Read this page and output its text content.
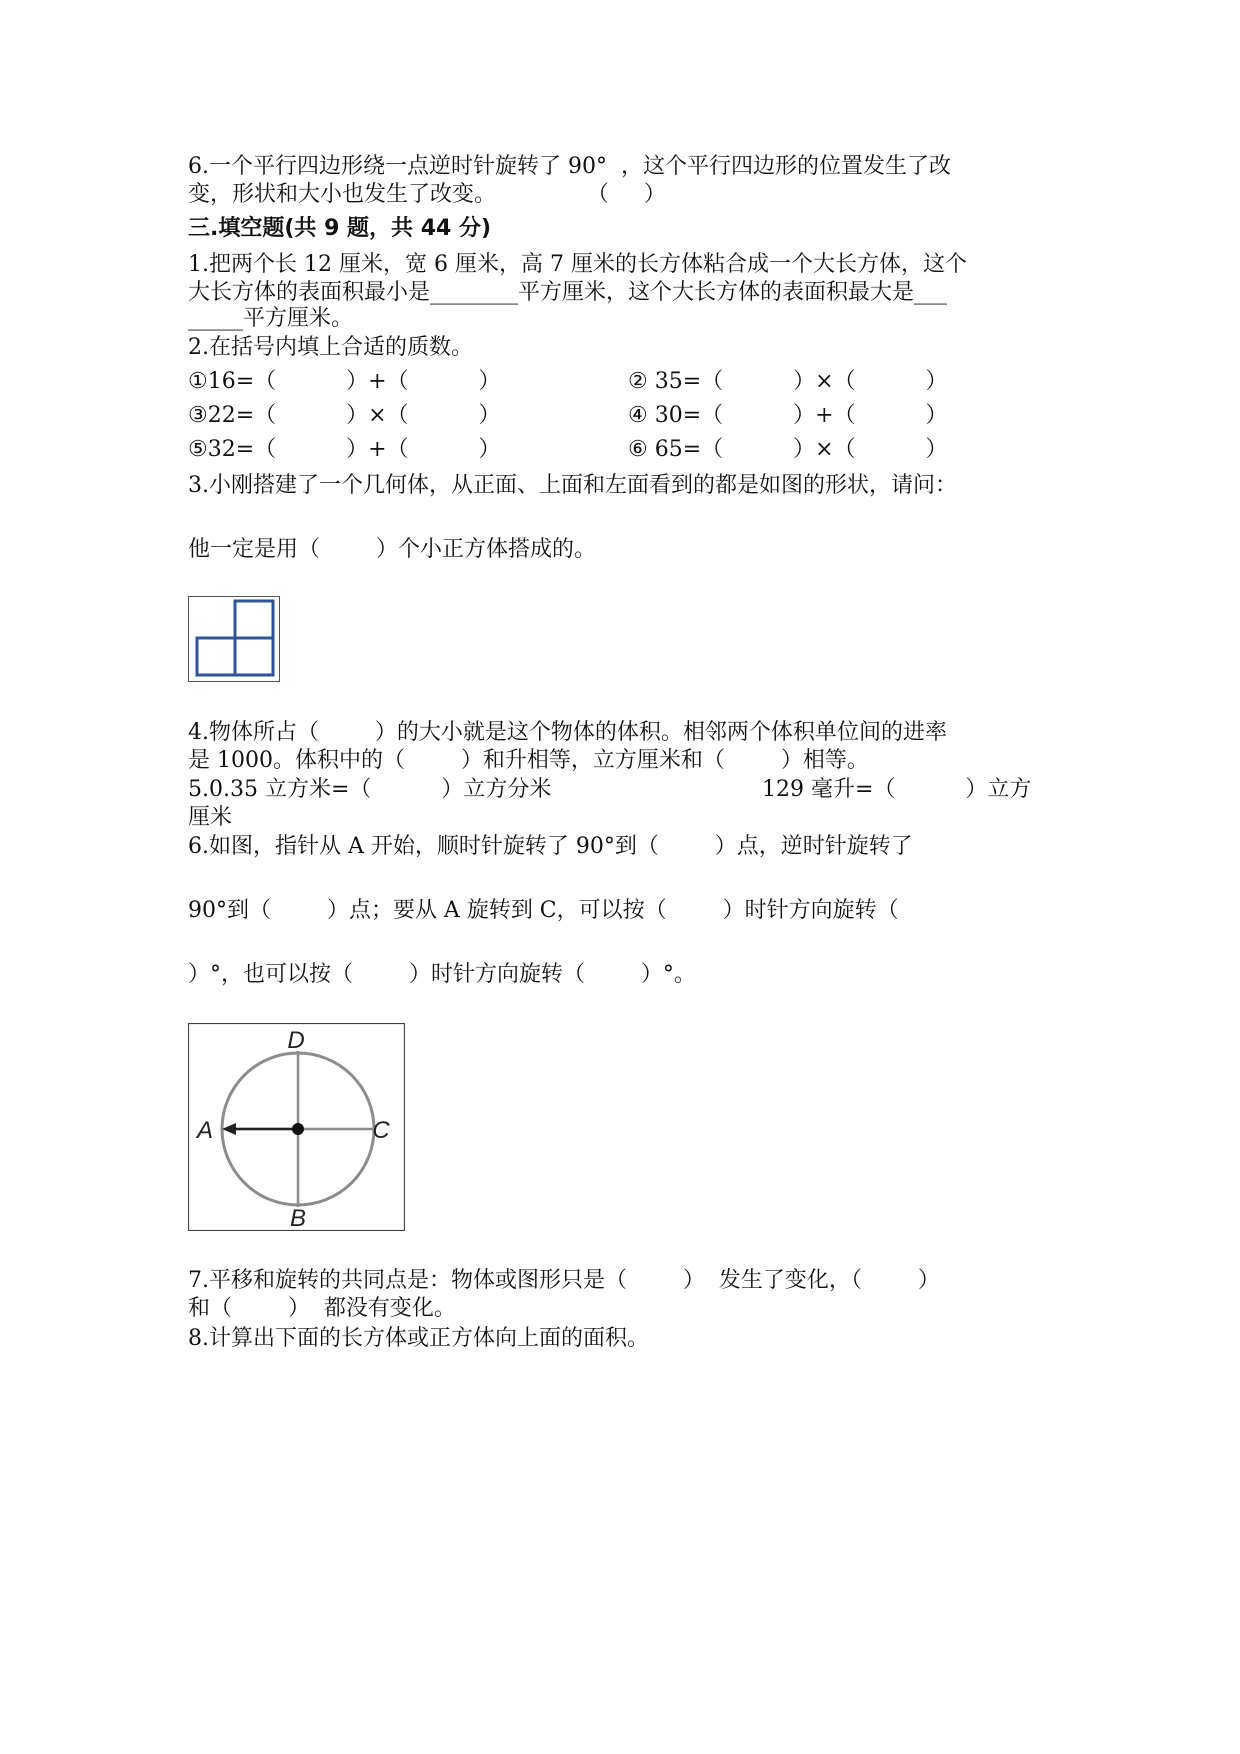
6.一个平行四边形绕一点逆时针旋转了 90°  ，这个平行四边形的位置发生了改
变，形状和大小也发生了改变。             （     ）
三.填空题(共 9 题，共 44 分)
1.把两个长 12 厘米，宽 6 厘米，高 7 厘米的长方体粘合成一个大长方体，这个
大长方体的表面积最小是________平方厘米，这个大长方体的表面积最大是___
_____平方厘米。
2.在括号内填上合适的质数。
①16=（          ）+（          ）	② 35=（          ）×（          ）
③22=（          ）×（          ）	④ 30=（          ）+（          ）
⑤32=（          ）+（          ）	⑥ 65=（          ）×（          ）
3.小刚搭建了一个几何体，从正面、上面和左面看到的都是如图的形状，请问：
他一定是用（        ）个小正方体搭成的。
4.物体所占（        ）的大小就是这个物体的体积。相邻两个体积单位间的进率
是 1000。体积中的（        ）和升相等，立方厘米和（        ）相等。
5.0.35 立方米=（          ）立方分米	129 毫升=（          ）立方
厘米
6.如图，指针从 A 开始，顺时针旋转了 90°到（        ）点，逆时针旋转了
90°到（        ）点；要从 A 旋转到 C，可以按（        ）时针方向旋转（
）°，也可以按（        ）时针方向旋转（        ）°。
D
B
A	C
7.平移和旋转的共同点是：物体或图形只是（        ）  发生了变化，（        ）
和（        ）  都没有变化。
8.计算出下面的长方体或正方体向上面的面积。
